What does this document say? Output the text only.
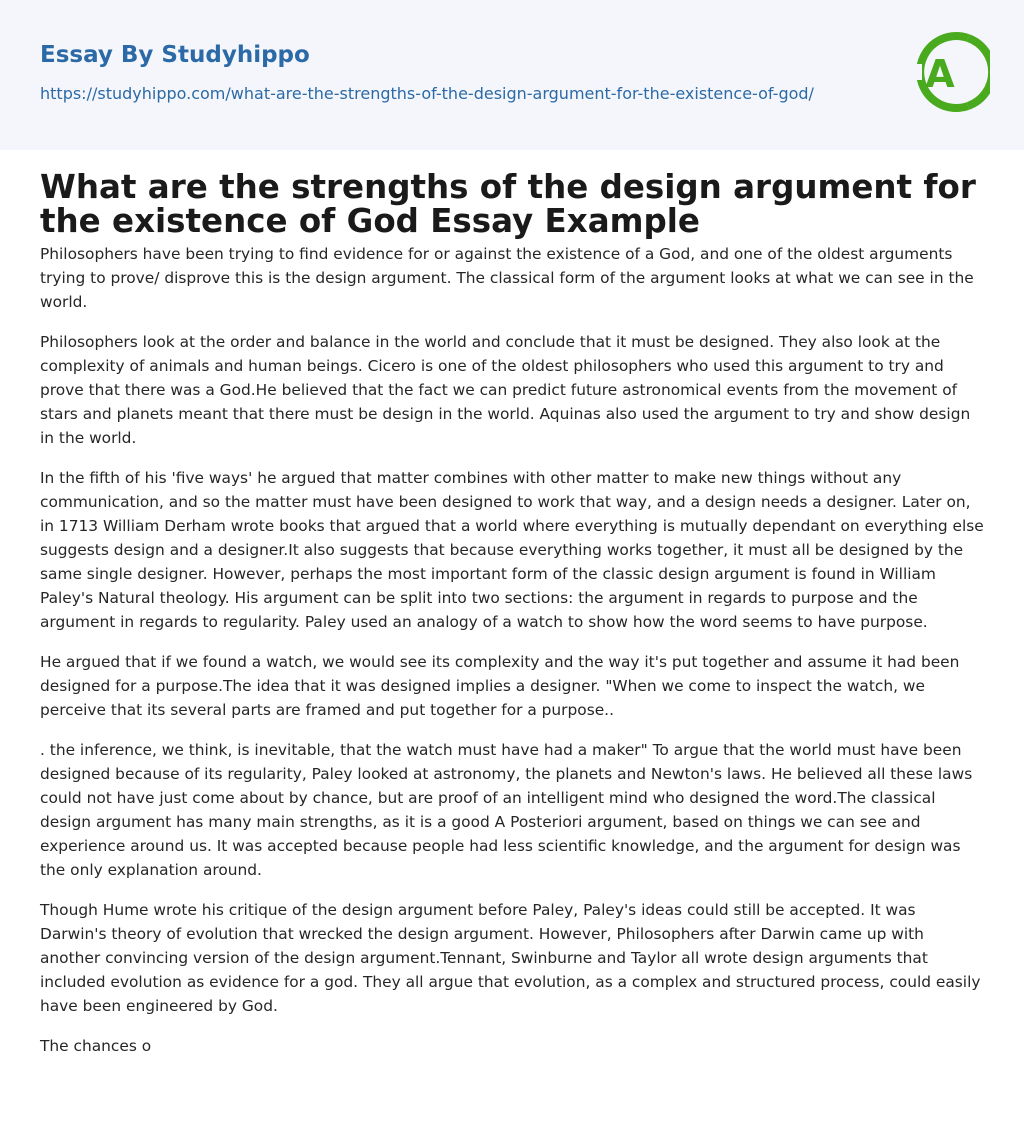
Essay By Studyhippo
https://studyhippo.com/what-are-the-strengths-of-the-design-argument-for-the-existence-of-god/	A
What are the strengths of the design argument for the existence of God Essay Example

Philosophers have been trying to find evidence for or against the existence of a God, and one of the oldest arguments trying to prove/ disprove this is the design argument. The classical form of the argument looks at what we can see in the world.

Philosophers look at the order and balance in the world and conclude that it must be designed. They also look at the complexity of animals and human beings. Cicero is one of the oldest philosophers who used this argument to try and prove that there was a God.He believed that the fact we can predict future astronomical events from the movement of stars and planets meant that there must be design in the world. Aquinas also used the argument to try and show design in the world.

In the fifth of his 'five ways' he argued that matter combines with other matter to make new things without any communication, and so the matter must have been designed to work that way, and a design needs a designer. Later on, in 1713 William Derham wrote books that argued that a world where everything is mutually dependant on everything else suggests design and a designer.It also suggests that because everything works together, it must all be designed by the same single designer. However, perhaps the most important form of the classic design argument is found in William Paley's Natural theology. His argument can be split into two sections: the argument in regards to purpose and the argument in regards to regularity. Paley used an analogy of a watch to show how the word seems to have purpose.

He argued that if we found a watch, we would see its complexity and the way it's put together and assume it had been designed for a purpose.The idea that it was designed implies a designer. "When we come to inspect the watch, we perceive that its several parts are framed and put together for a purpose..

. the inference, we think, is inevitable, that the watch must have had a maker" To argue that the world must have been designed because of its regularity, Paley looked at astronomy, the planets and Newton's laws. He believed all these laws could not have just come about by chance, but are proof of an intelligent mind who designed the word.The classical design argument has many main strengths, as it is a good A Posteriori argument, based on things we can see and experience around us. It was accepted because people had less scientific knowledge, and the argument for design was the only explanation around.

Though Hume wrote his critique of the design argument before Paley, Paley's ideas could still be accepted. It was Darwin's theory of evolution that wrecked the design argument. However, Philosophers after Darwin came up with another convincing version of the design argument.Tennant, Swinburne and Taylor all wrote design arguments that included evolution as evidence for a god. They all argue that evolution, as a complex and structured process, could easily have been engineered by God.

The chances o
